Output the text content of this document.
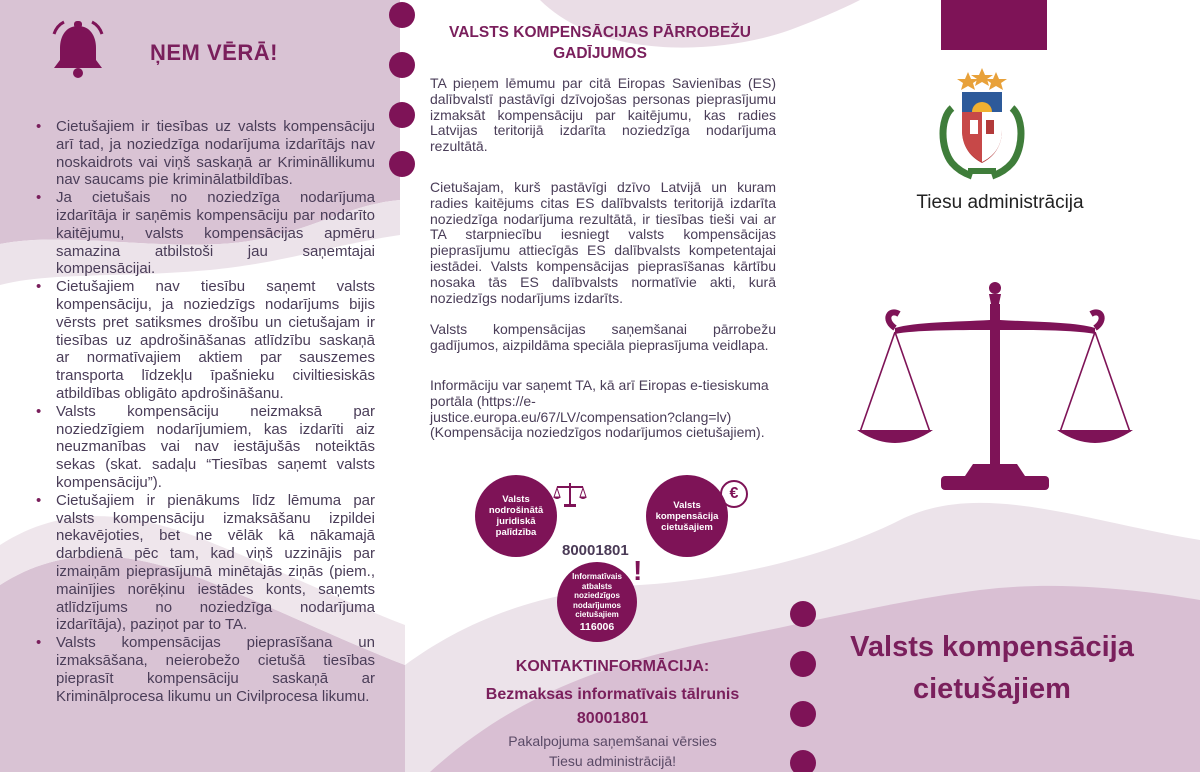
ŅEM VĒRĀ!
• Cietušajiem ir tiesības uz valsts kompensāciju arī tad, ja noziedzīga nodarījuma izdarītājs nav noskaidrots vai viņš saskaņā ar Krimināllikumu nav saucams pie kriminālatbildības.
• Ja cietušais no noziedzīga nodarījuma izdarītāja ir saņēmis kompensāciju par nodarīto kaitējumu, valsts kompensācijas apmēru samazina atbilstoši jau saņemtajai kompensācijai.
• Cietušajiem nav tiesību saņemt valsts kompensāciju, ja noziedzīgs nodarījums bijis vērsts pret satiksmes drošību un cietušajam ir tiesības uz apdrošināšanas atlīdzību saskaņā ar normatīvajiem aktiem par sauszemes transporta līdzekļu īpašnieku civiltiesiskās atbildības obligāto apdrošināšanu.
• Valsts kompensāciju neizmaksā par noziedzīgiem nodarījumiem, kas izdarīti aiz neuzmanības vai nav iestājušās noteiktās sekas (skat. sadaļu “Tiesības saņemt valsts kompensāciju”).
• Cietušajiem ir pienākums līdz lēmuma par valsts kompensāciju izmaksāšanu izpildei nekavējoties, bet ne vēlāk kā nākamajā darbdienā pēc tam, kad viņš uzzinājis par izmaiņām pieprasījumā minētajās ziņās (piem., mainījies norēķinu iestādes konts, saņemts atlīdzījums no noziedzīga nodarījuma izdarītāja), paziņot par to TA.
• Valsts kompensācijas pieprasīšana un izmaksāšana, neierobežo cietušā tiesības pieprasīt kompensāciju saskaņā ar Kriminālprocesa likumu un Civilprocesa likumu.
VALSTS KOMPENSĀCIJAS PĀRROBEŽU GADĪJUMOS

TA pieņem lēmumu par citā Eiropas Savienības (ES) dalībvalstī pastāvīgi dzīvojošas personas pieprasījumu izmaksāt kompensāciju par kaitējumu, kas radies Latvijas teritorijā izdarīta noziedzīga nodarījuma rezultātā.

Cietušajam, kurš pastāvīgi dzīvo Latvijā un kuram radies kaitējums citas ES dalībvalsts teritorijā izdarīta noziedzīga nodarījuma rezultātā, ir tiesības tieši vai ar TA starpniecību iesniegt valsts kompensācijas pieprasījumu attiecīgās ES dalībvalsts kompetentajai iestādei. Valsts kompensācijas pieprasīšanas kārtību nosaka tās ES dalībvalsts normatīvie akti, kurā noziedzīgs nodarījums izdarīts.

Valsts kompensācijas saņemšanai pārrobežu gadījumos, aizpildāma speciāla pieprasījuma veidlapa.

Informāciju var saņemt TA, kā arī Eiropas e-tiesiskuma portāla (https://e-justice.europa.eu/67/LV/compensation?clang=lv) (Kompensācija noziedzīgos nodarījumos cietušajiem).

Valsts nodrošinātā juridiskā palīdzība
Valsts kompensācija cietušajiem
€
80001801
Informatīvais atbalsts noziedzīgos nodarījumos cietušajiem
116006
!
KONTAKTINFORMĀCIJA:
Bezmaksas informatīvais tālrunis
80001801
Pakalpojuma saņemšanai vērsies
Tiesu administrācijā!
Tiesu administrācija
Valsts kompensācija
cietušajiem
